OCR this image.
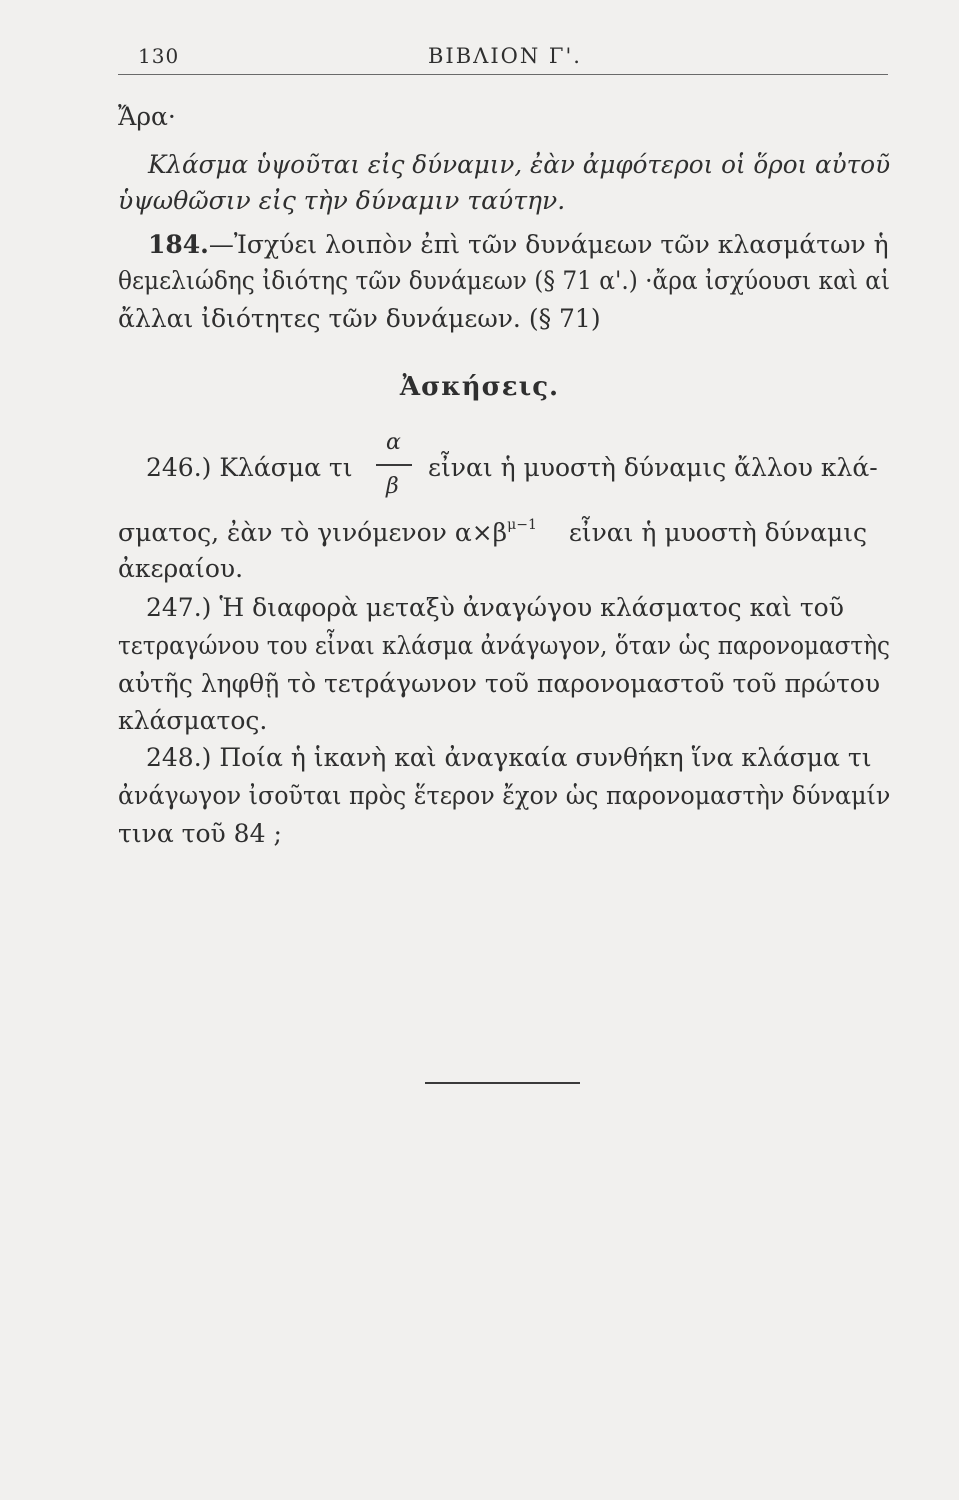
130	ΒΙΒΛΙΟΝ Γ'.
Ἄρα·
Κλάσμα ὑψοῦται εἰς δύναμιν, ἐὰν ἀμφότεροι οἱ ὅροι αὐτοῦ
ὑψωθῶσιν εἰς τὴν δύναμιν ταύτην.
184.—Ἰσχύει λοιπὸν ἐπὶ τῶν δυνάμεων τῶν κλασμάτων ἡ
θεμελιώδης ἰδιότης τῶν δυνάμεων (§ 71 α'.) ·ἄρα ἰσχύουσι καὶ αἱ
ἄλλαι ἰδιότητες τῶν δυνάμεων. (§ 71)
Ἀσκήσεις.
246.) Κλάσμα τι
α
β
εἶναι ἡ μυοστὴ δύναμις ἄλλου κλά-
σματος, ἐὰν τὸ γινόμενον $\alpha\times\beta^{\mu-1}$ εἶναι ἡ μυοστὴ δύναμις
ἀκεραίου.
247.) Ἡ διαφορὰ μεταξὺ ἀναγώγου κλάσματος καὶ τοῦ
τετραγώνου του εἶναι κλάσμα ἀνάγωγον, ὅταν ὡς παρονομαστὴς
αὐτῆς ληφθῇ τὸ τετράγωνον τοῦ παρονομαστοῦ τοῦ πρώτου
κλάσματος.
248.) Ποία ἡ ἱκανὴ καὶ ἀναγκαία συνθήκη ἵνα κλάσμα τι
ἀνάγωγον ἰσοῦται πρὸς ἕτερον ἔχον ὡς παρονομαστὴν δύναμίν
τινα τοῦ 84 ;
